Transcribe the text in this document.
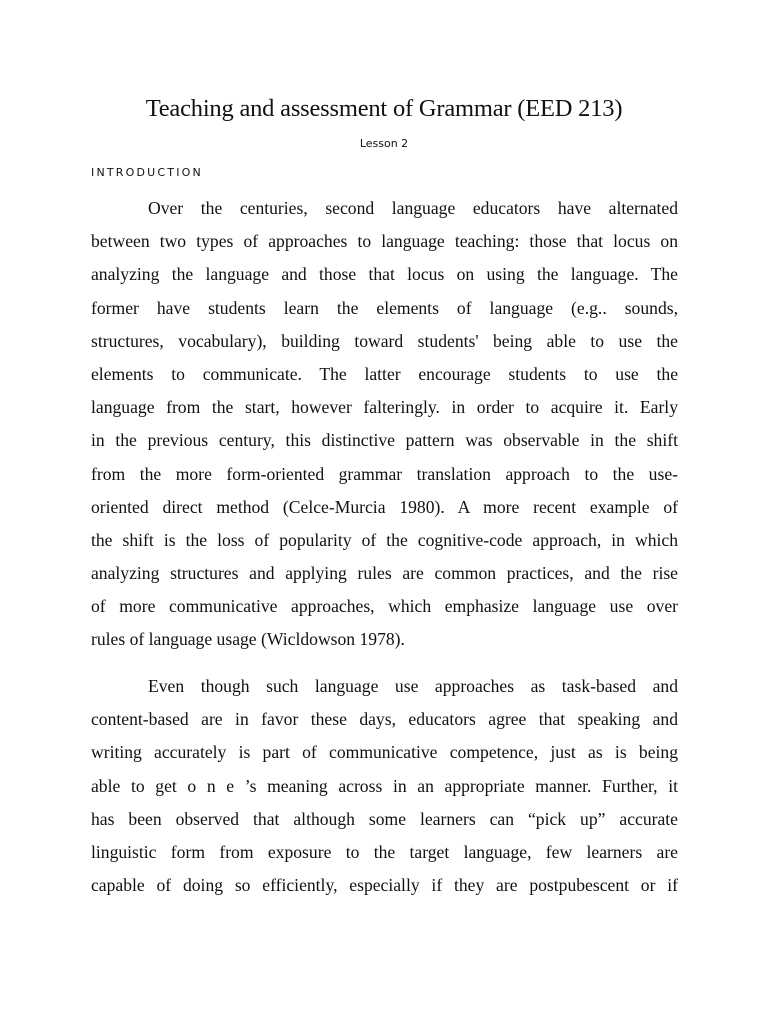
Teaching and assessment of Grammar (EED 213)
Lesson 2
INTRODUCTION
Over the centuries, second language educators have alternated
between two types of approaches to language teaching: those that locus on
analyzing the language and those that locus on using the language. The
former have students learn the elements of language (e.g.. sounds,
structures, vocabulary), building toward students' being able to use the
elements to communicate. The latter encourage students to use the
language from the start, however falteringly. in order to acquire it. Early
in the previous century, this distinctive pattern was observable in the shift
from the more form-oriented grammar translation approach to the use-
oriented direct method (Celce-Murcia 1980). A more recent example of
the shift is the loss of popularity of the cognitive-code approach, in which
analyzing structures and applying rules are common practices, and the rise
of more communicative approaches, which emphasize language use over
rules of language usage (Wicldowson 1978).
Even though such language use approaches as task-based and
content-based are in favor these days, educators agree that speaking and
writing accurately is part of communicative competence, just as is being
able to get o n e ’s meaning across in an appropriate manner. Further, it
has been observed that although some learners can “pick up” accurate
linguistic form from exposure to the target language, few learners are
capable of doing so efficiently, especially if they are postpubescent or if
